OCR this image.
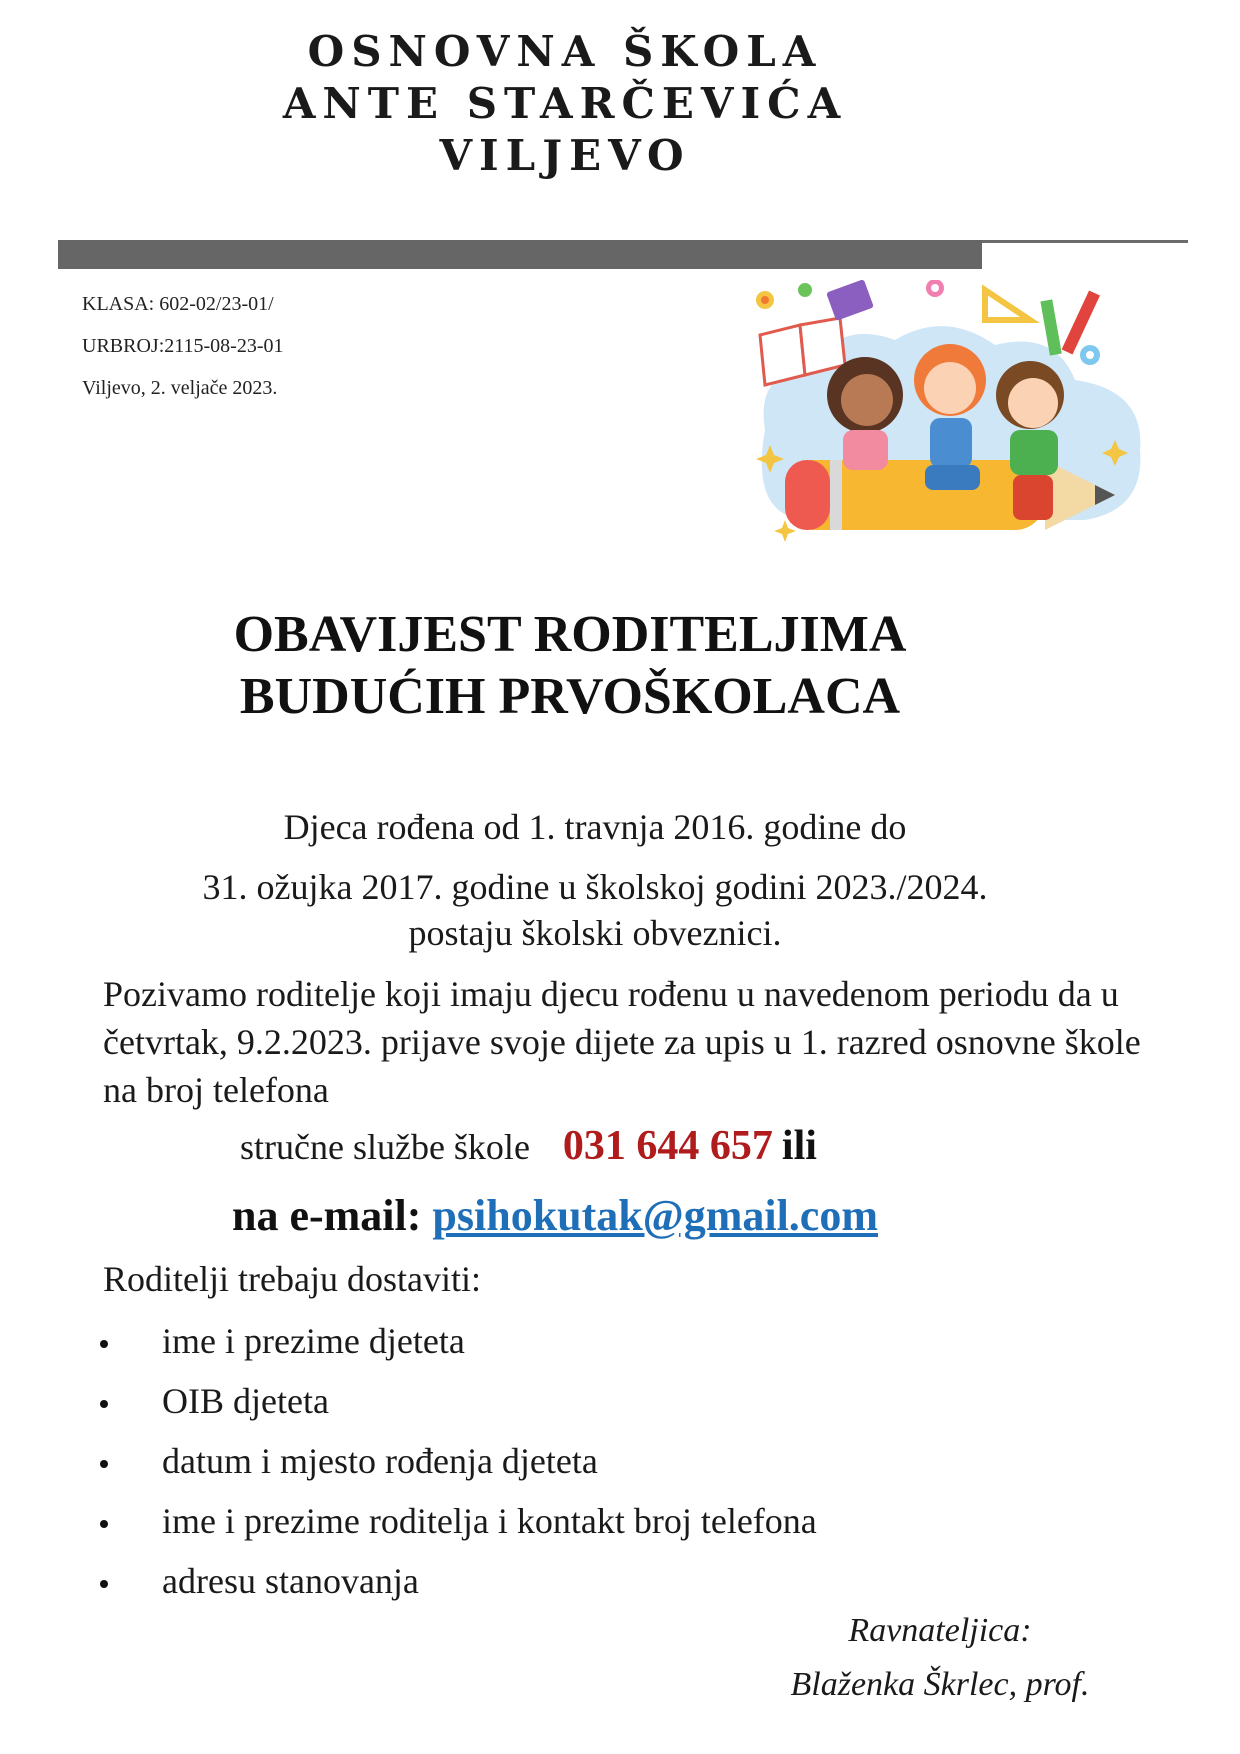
OSNOVNA ŠKOLA
ANTE STARČEVIĆA
VILJEVO
KLASA: 602-02/23-01/
URBROJ:2115-08-23-01
Viljevo, 2. veljače 2023.
OBAVIJEST RODITELJIMA
BUDUĆIH PRVOŠKOLACA
Djeca rođena od 1. travnja 2016. godine do
31. ožujka 2017. godine u školskoj godini 2023./2024.
postaju školski obveznici.
Pozivamo roditelje koji imaju djecu rođenu u navedenom periodu da u četvrtak, 9.2.2023. prijave svoje dijete za upis u 1. razred osnovne škole na broj telefona
stručne službe škole 031 644 657 ili
na e-mail: psihokutak@gmail.com
Roditelji trebaju dostaviti:
ime i prezime djeteta
OIB djeteta
datum i mjesto rođenja djeteta
ime i prezime roditelja i kontakt broj telefona
adresu stanovanja
Ravnateljica:
Blaženka Škrlec, prof.
